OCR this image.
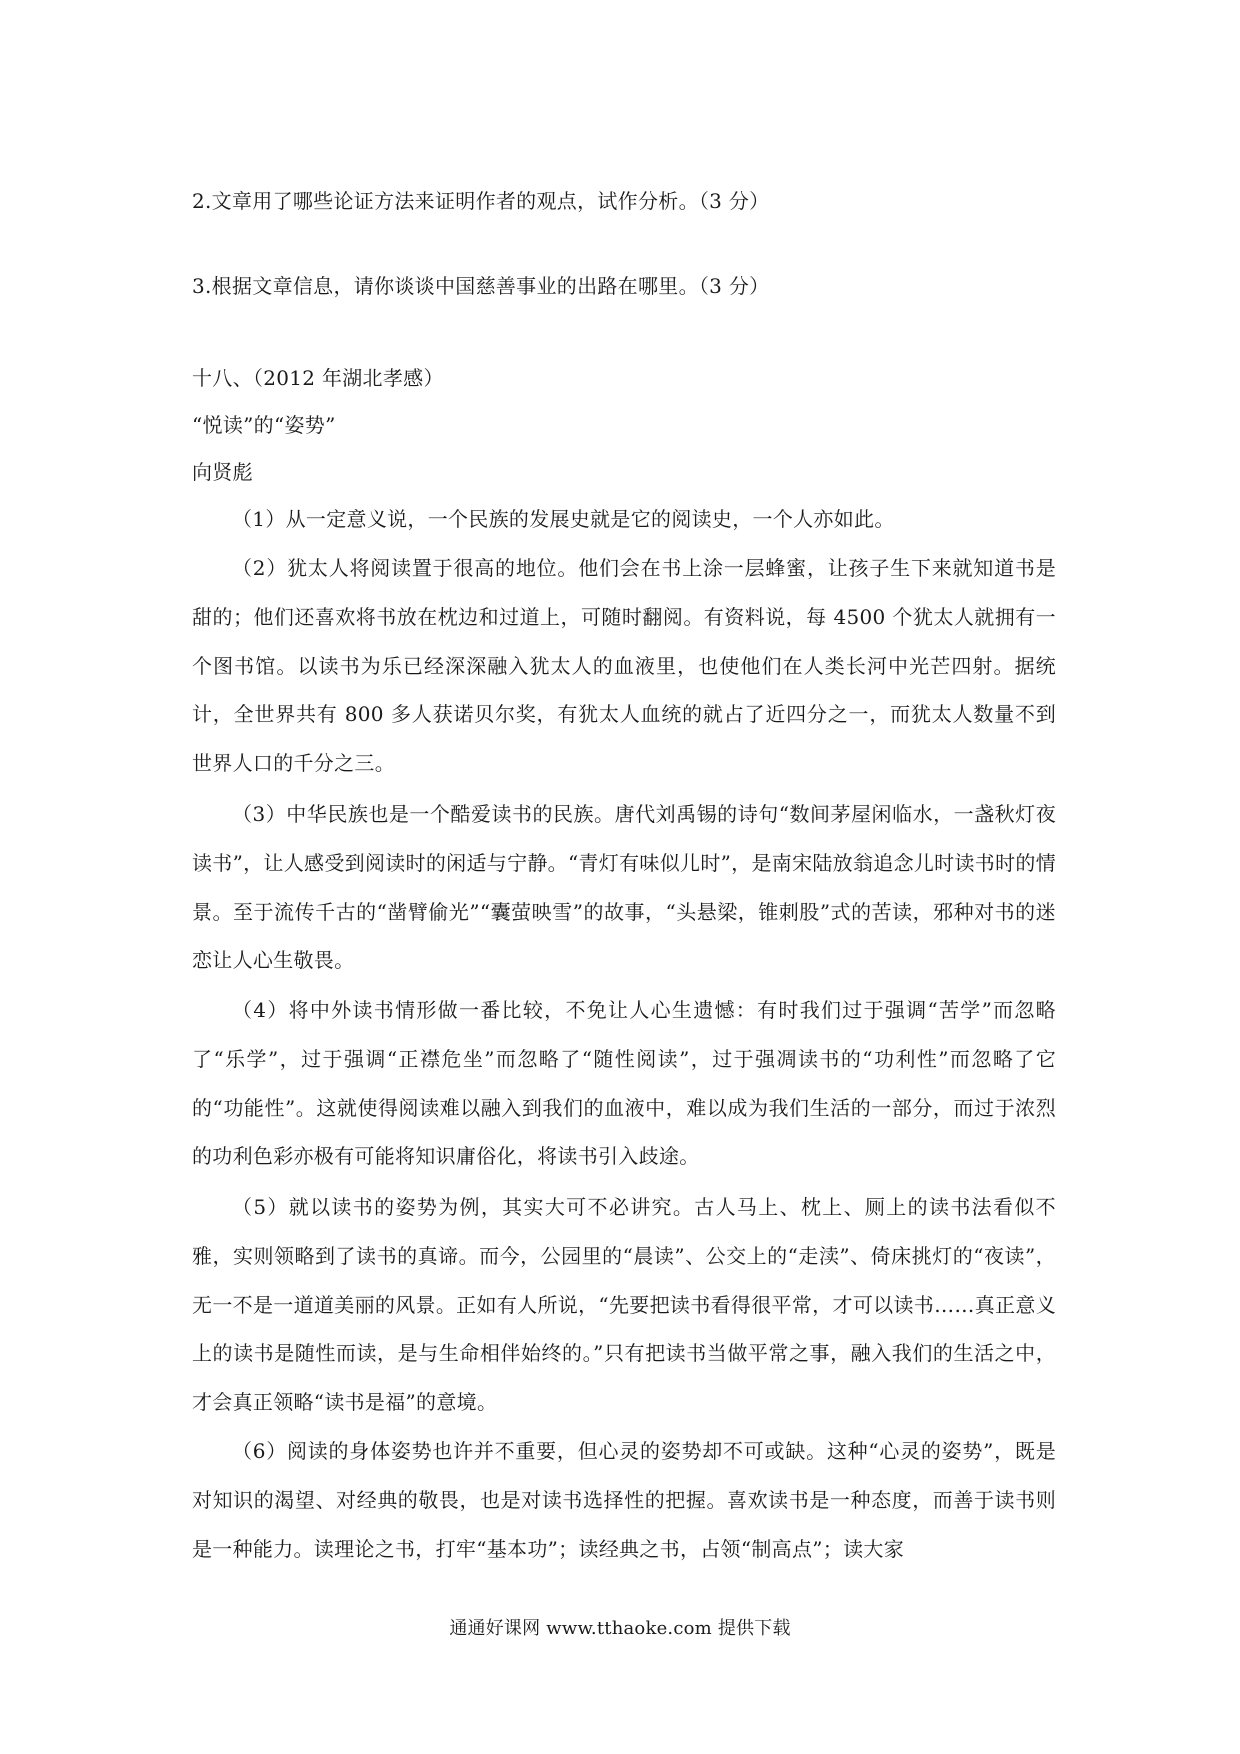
2.文章用了哪些论证方法来证明作者的观点，试作分析。（3 分）
3.根据文章信息，请你谈谈中国慈善事业的出路在哪里。（3 分）
十八、（2012 年湖北孝感）
“悦读”的“姿势”
向贤彪
（1）从一定意义说，一个民族的发展史就是它的阅读史，一个人亦如此。
（2）犹太人将阅读置于很高的地位。他们会在书上涂一层蜂蜜，让孩子生下来就知道书是甜的；他们还喜欢将书放在枕边和过道上，可随时翻阅。有资料说，每 4500 个犹太人就拥有一个图书馆。以读书为乐已经深深融入犹太人的血液里，也使他们在人类长河中光芒四射。据统计，全世界共有 800 多人获诺贝尔奖，有犹太人血统的就占了近四分之一，而犹太人数量不到世界人口的千分之三。
（3）中华民族也是一个酷爱读书的民族。唐代刘禹锡的诗句“数间茅屋闲临水，一盏秋灯夜读书”，让人感受到阅读时的闲适与宁静。“青灯有味似儿时”，是南宋陆放翁追念儿时读书时的情景。至于流传千古的“凿臂偷光”“囊萤映雪”的故事，“头悬梁，锥刺股”式的苦读，邪种对书的迷恋让人心生敬畏。
（4）将中外读书情形做一番比较，不免让人心生遗憾：有时我们过于强调“苦学”而忽略了“乐学”，过于强调“正襟危坐”而忽略了“随性阅读”，过于强凋读书的“功利性”而忽略了它的“功能性”。这就使得阅读难以融入到我们的血液中，难以成为我们生活的一部分，而过于浓烈的功利色彩亦极有可能将知识庸俗化，将读书引入歧途。
（5）就以读书的姿势为例，其实大可不必讲究。古人马上、枕上、厕上的读书法看似不雅，实则领略到了读书的真谛。而今，公园里的“晨读”、公交上的“走渎”、倚床挑灯的“夜读”，无一不是一道道美丽的风景。正如有人所说，“先要把读书看得很平常，才可以读书……真正意义上的读书是随性而读，是与生命相伴始终的。”只有把读书当做平常之事，融入我们的生活之中，才会真正领略“读书是福”的意境。
（6）阅读的身体姿势也许并不重要，但心灵的姿势却不可或缺。这种“心灵的姿势”，既是对知识的渴望、对经典的敬畏，也是对读书选择性的把握。喜欢读书是一种态度，而善于读书则是一种能力。读理论之书，打牢“基本功”；读经典之书，占领“制高点”；读大家
通通好课网 www.tthaoke.com 提供下载
